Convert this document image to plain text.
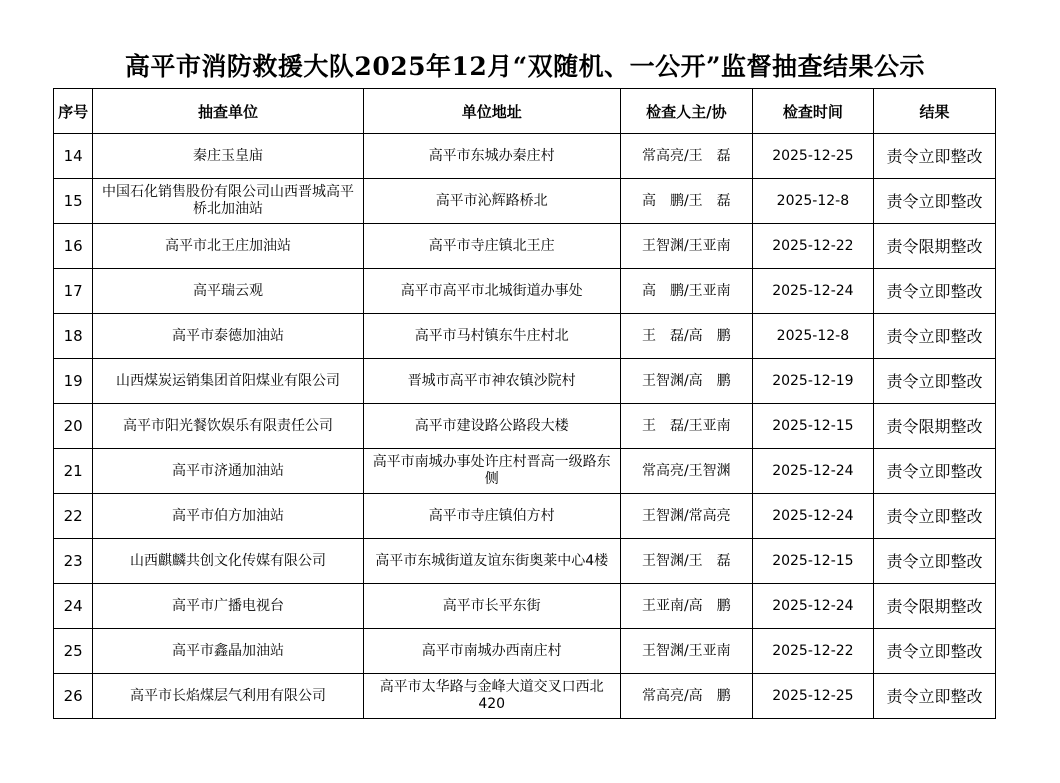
高平市消防救援大队2025年12月“双随机、一公开”监督抽查结果公示
序号	抽查单位	单位地址	检查人主/协	检查时间	结果
14	秦庄玉皇庙	高平市东城办秦庄村	常高亮/王　磊	2025-12-25	责令立即整改
15	中国石化销售股份有限公司山西晋城高平桥北加油站	高平市沁辉路桥北	高　鹏/王　磊	2025-12-8	责令立即整改
16	高平市北王庄加油站	高平市寺庄镇北王庄	王智渊/王亚南	2025-12-22	责令限期整改
17	高平瑞云观	高平市高平市北城街道办事处	高　鹏/王亚南	2025-12-24	责令立即整改
18	高平市泰德加油站	高平市马村镇东牛庄村北	王　磊/高　鹏	2025-12-8	责令立即整改
19	山西煤炭运销集团首阳煤业有限公司	晋城市高平市神农镇沙院村	王智渊/高　鹏	2025-12-19	责令立即整改
20	高平市阳光餐饮娱乐有限责任公司	高平市建设路公路段大楼	王　磊/王亚南	2025-12-15	责令限期整改
21	高平市济通加油站	高平市南城办事处许庄村晋高一级路东侧	常高亮/王智渊	2025-12-24	责令立即整改
22	高平市伯方加油站	高平市寺庄镇伯方村	王智渊/常高亮	2025-12-24	责令立即整改
23	山西麒麟共创文化传媒有限公司	高平市东城街道友谊东街奥莱中心4楼	王智渊/王　磊	2025-12-15	责令立即整改
24	高平市广播电视台	高平市长平东街	王亚南/高　鹏	2025-12-24	责令限期整改
25	高平市鑫晶加油站	高平市南城办西南庄村	王智渊/王亚南	2025-12-22	责令立即整改
26	高平市长焰煤层气利用有限公司	高平市太华路与金峰大道交叉口西北420	常高亮/高　鹏	2025-12-25	责令立即整改
